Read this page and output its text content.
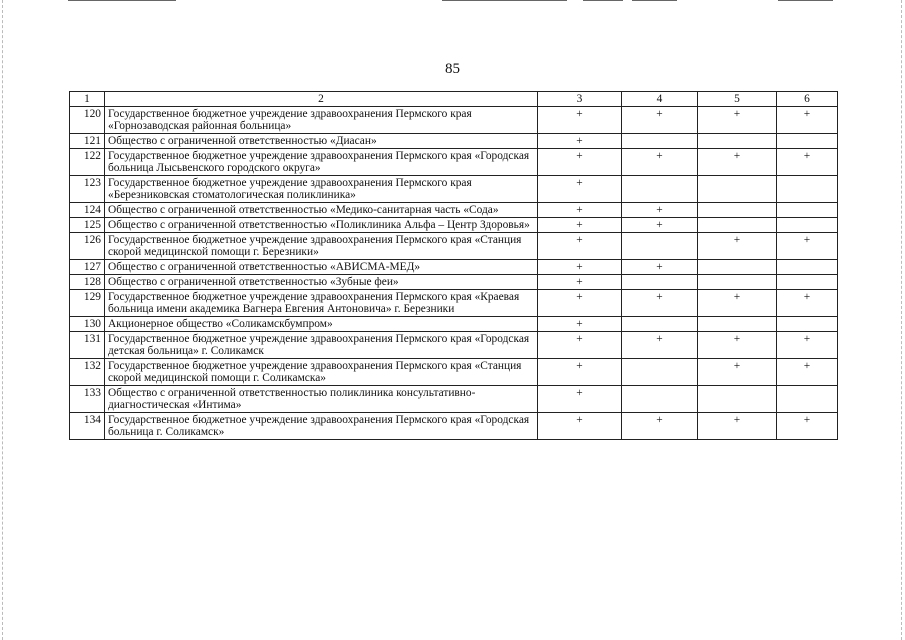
85
1	2	3	4	5	6
120	Государственное бюджетное учреждение здравоохранения Пермского края «Горнозаводская районная больница»	+	+	+	+
121	Общество с ограниченной ответственностью «Диасан»	+			
122	Государственное бюджетное учреждение здравоохранения Пермского края «Городская больница Лысьвенского городского округа»	+	+	+	+
123	Государственное бюджетное учреждение здравоохранения Пермского края «Березниковская стоматологическая поликлиника»	+			
124	Общество с ограниченной ответственностью «Медико-санитарная часть «Сода»	+	+		
125	Общество с ограниченной ответственностью «Поликлиника Альфа – Центр Здоровья»	+	+		
126	Государственное бюджетное учреждение здравоохранения Пермского края «Станция скорой медицинской помощи г. Березники»	+		+	+
127	Общество с ограниченной ответственностью «АВИСМА-МЕД»	+	+		
128	Общество с ограниченной ответственностью «Зубные феи»	+			
129	Государственное бюджетное учреждение здравоохранения Пермского края «Краевая больница имени академика Вагнера Евгения Антоновича» г. Березники	+	+	+	+
130	Акционерное общество «Соликамскбумпром»	+			
131	Государственное бюджетное учреждение здравоохранения Пермского края «Городская детская больница» г. Соликамск	+	+	+	+
132	Государственное бюджетное учреждение здравоохранения Пермского края «Станция скорой медицинской помощи г. Соликамска»	+		+	+
133	Общество с ограниченной ответственностью поликлиника консультативно-диагностическая «Интима»	+			
134	Государственное бюджетное учреждение здравоохранения Пермского края «Городская больница г. Соликамск»	+	+	+	+
